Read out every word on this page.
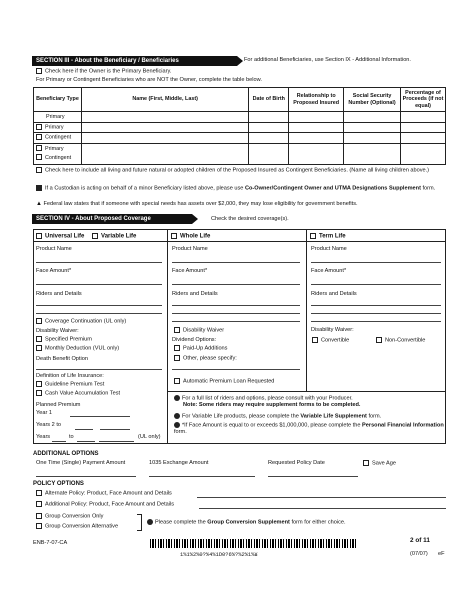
SECTION III - About the Beneficiary / Beneficiaries	For additional Beneficiaries, use Section IX - Additional Information.
Check here if the Owner is the Primary Beneficiary.
For Primary or Contingent Beneficiaries who are NOT the Owner, complete the table below.
Beneficiary Type	Name (First, Middle, Last)	Date of Birth	Relationship to Proposed Insured	Social Security Number (Optional)	Percentage of Proceeds (if not equal)
Primary					
Primary					
Contingent					
Primary
Contingent					
Check here to include all living and future natural or adopted children of the Proposed Insured as Contingent Beneficiaries. (Name all living children above.)
If a Custodian is acting on behalf of a minor Beneficiary listed above, please use Co-Owner/Contingent Owner and UTMA Designations Supplement form.
▲ Federal law states that if someone with special needs has assets over $2,000, they may lose eligibility for government benefits.
SECTION IV - About Proposed Coverage	Check the desired coverage(s).
Universal Life	Variable Life	Whole Life	Term Life
Product Name
Face Amount*
Riders and Details
Coverage Continuation (UL only)
Disability Waiver:
Specified Premium
Monthly Deduction (VUL only)
Death Benefit Option
Definition of Life Insurance:
Guideline Premium Test
Cash Value Accumulation Test
Planned Premium
Year 1
Years 2 to
Years	to	(UL only)
Product Name
Face Amount*
Riders and Details
Disability Waiver
Dividend Options:
Paid-Up Additions
Other, please specify:
Automatic Premium Loan Requested
Product Name
Face Amount*
Riders and Details
Disability Waiver:
Convertible	Non-Convertible
For a full list of riders and options, please consult with your Producer.
Note: Some riders may require supplement forms to be completed.
For Variable Life products, please complete the Variable Life Supplement form.
*If Face Amount is equal to or exceeds $1,000,000, please complete the Personal Financial Information form.
ADDITIONAL OPTIONS
One Time (Single) Payment Amount	1035 Exchange Amount	Requested Policy Date	Save Age
POLICY OPTIONS
Alternate Policy: Product, Face Amount and Details
Additional Policy: Product, Face Amount and Details
Group Conversion Only
Group Conversion Alternative
Please complete the Group Conversion Supplement form for either choice.
ENB-7-07-CA
1%1%2%0?%4%1D0?6%?%2%1%¥
2 of 11
(07/07) eF
